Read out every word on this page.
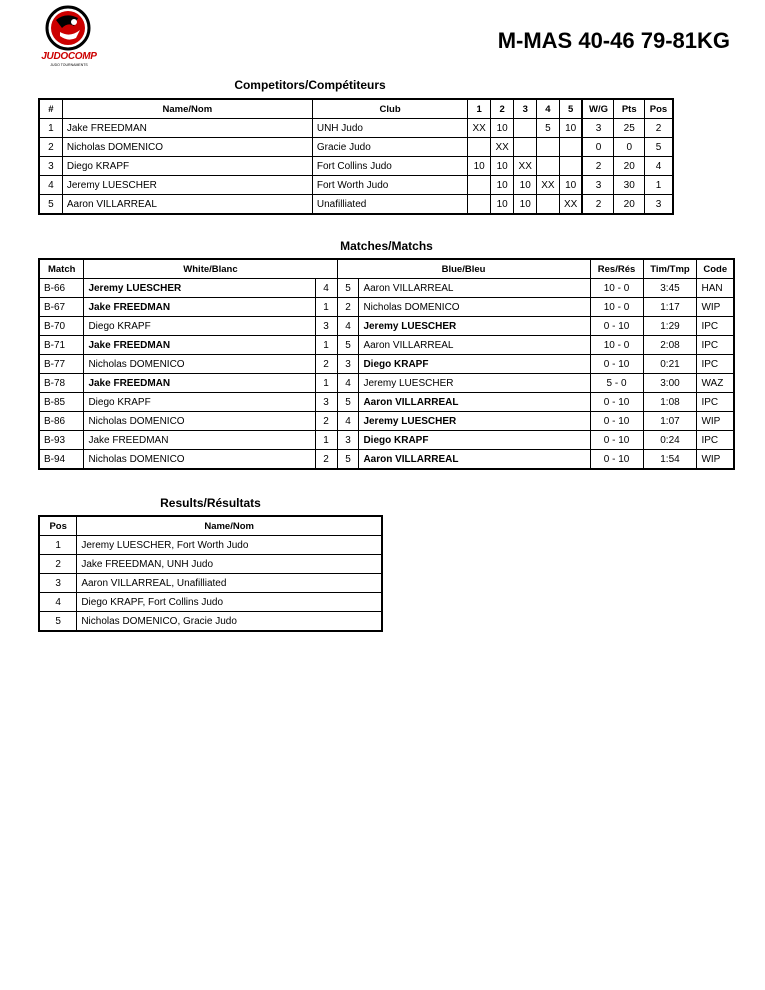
JUDOCOMP
JUDO TOURNAMENTS
M-MAS 40-46 79-81KG
Competitors/Compétiteurs
#	Name/Nom	Club	1	2	3	4	5	W/G	Pts	Pos
1	Jake FREEDMAN	UNH Judo	XX	10		5	10	3	25	2
2	Nicholas DOMENICO	Gracie Judo		XX				0	0	5
3	Diego KRAPF	Fort Collins Judo	10	10	XX			2	20	4
4	Jeremy LUESCHER	Fort Worth Judo		10	10	XX	10	3	30	1
5	Aaron VILLARREAL	Unafilliated		10	10		XX	2	20	3
Matches/Matchs
Match	White/Blanc		Blue/Bleu		Res/Rés	Tim/Tmp	Code
B-66	Jeremy LUESCHER	4	5	Aaron VILLARREAL	10 - 0	3:45	HAN
B-67	Jake FREEDMAN	1	2	Nicholas DOMENICO	10 - 0	1:17	WIP
B-70	Diego KRAPF	3	4	Jeremy LUESCHER	0 - 10	1:29	IPC
B-71	Jake FREEDMAN	1	5	Aaron VILLARREAL	10 - 0	2:08	IPC
B-77	Nicholas DOMENICO	2	3	Diego KRAPF	0 - 10	0:21	IPC
B-78	Jake FREEDMAN	1	4	Jeremy LUESCHER	5 - 0	3:00	WAZ
B-85	Diego KRAPF	3	5	Aaron VILLARREAL	0 - 10	1:08	IPC
B-86	Nicholas DOMENICO	2	4	Jeremy LUESCHER	0 - 10	1:07	WIP
B-93	Jake FREEDMAN	1	3	Diego KRAPF	0 - 10	0:24	IPC
B-94	Nicholas DOMENICO	2	5	Aaron VILLARREAL	0 - 10	1:54	WIP
Results/Résultats
Pos	Name/Nom
1	Jeremy LUESCHER, Fort Worth Judo
2	Jake FREEDMAN, UNH Judo
3	Aaron VILLARREAL, Unafilliated
4	Diego KRAPF, Fort Collins Judo
5	Nicholas DOMENICO, Gracie Judo
